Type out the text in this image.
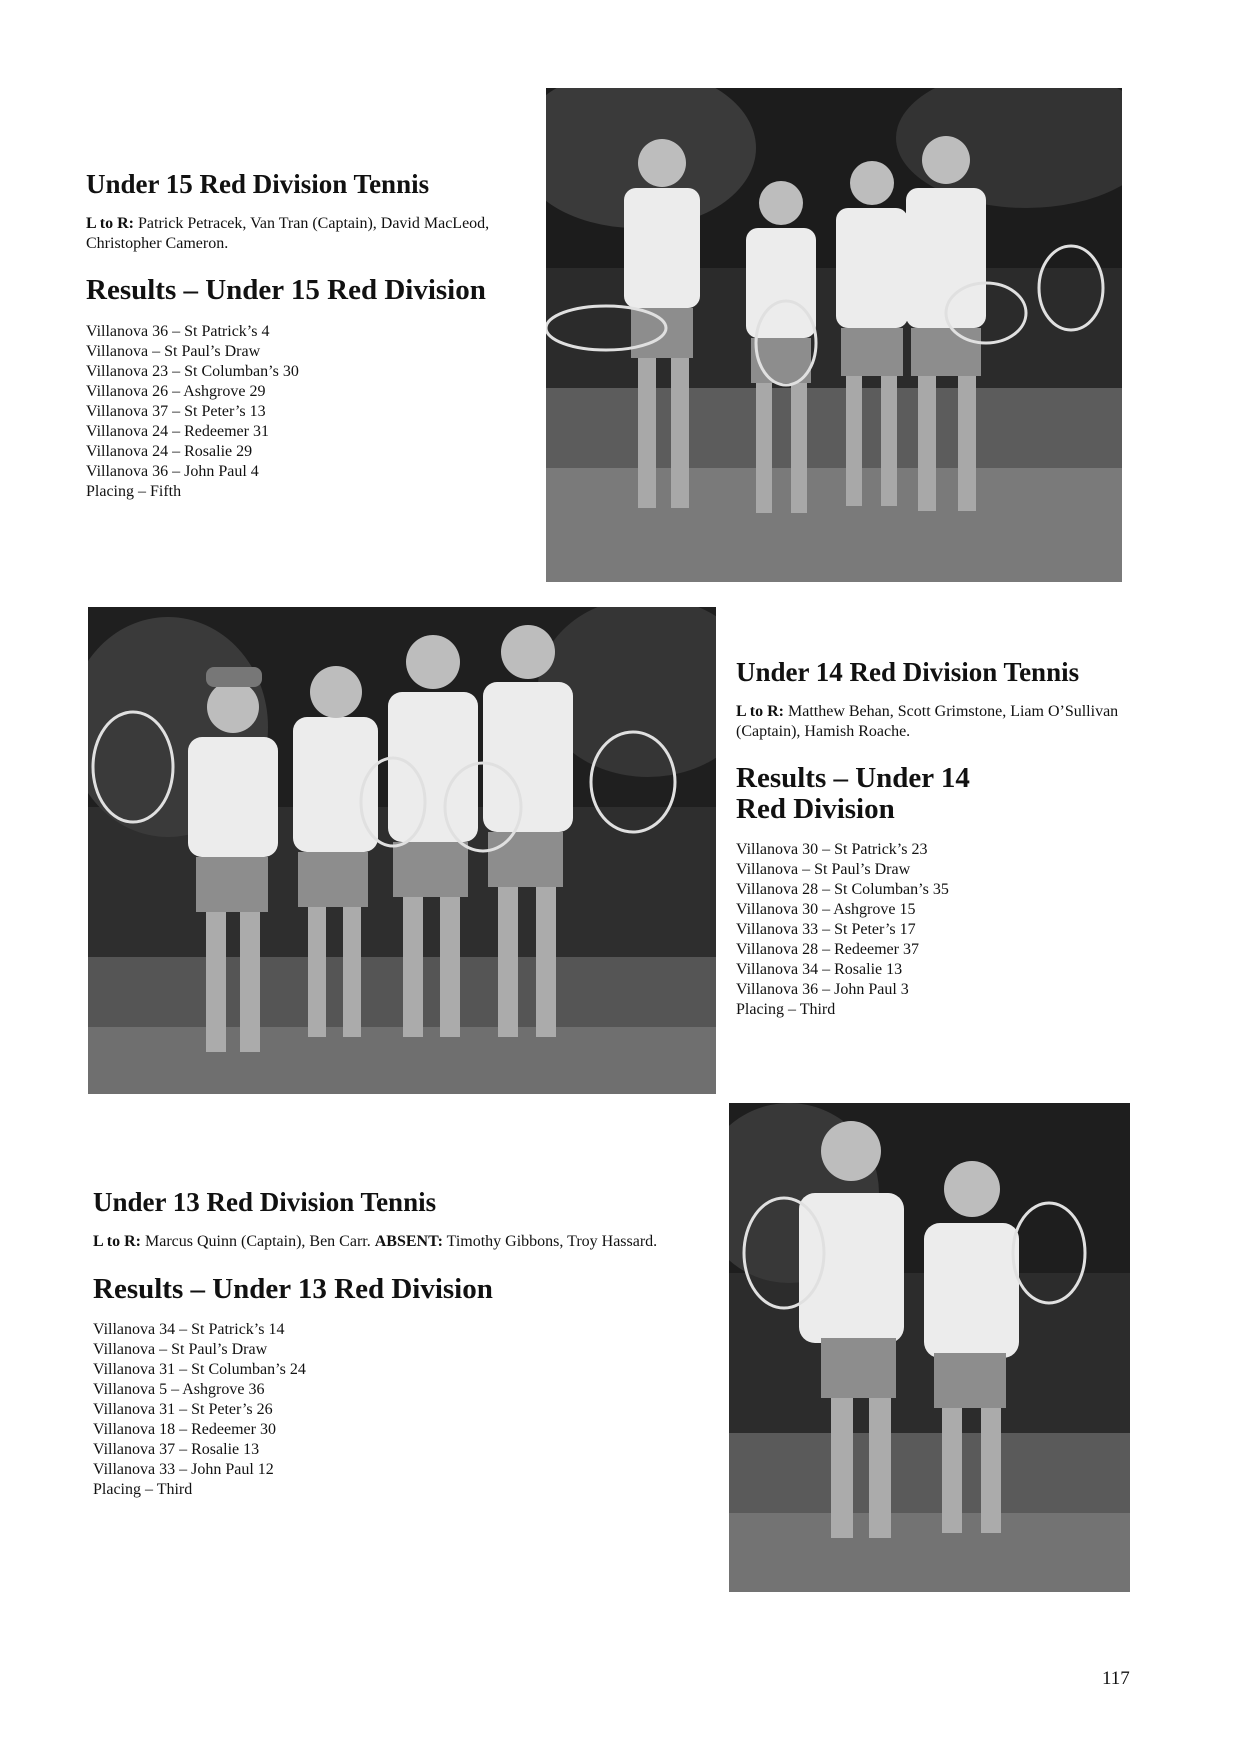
Under 15 Red Division Tennis

L to R: Patrick Petracek, Van Tran (Captain), David MacLeod, Christopher Cameron.

Results – Under 15 Red Division
Villanova 36 – St Patrick’s 4
Villanova – St Paul’s Draw
Villanova 23 – St Columban’s 30
Villanova 26 – Ashgrove 29
Villanova 37 – St Peter’s 13
Villanova 24 – Redeemer 31
Villanova 24 – Rosalie 29
Villanova 36 – John Paul 4
Placing – Fifth
Under 14 Red Division Tennis

L to R: Matthew Behan, Scott Grimstone, Liam O’Sullivan (Captain), Hamish Roache.

Results – Under 14 Red Division
Villanova 30 – St Patrick’s 23
Villanova – St Paul’s Draw
Villanova 28 – St Columban’s 35
Villanova 30 – Ashgrove 15
Villanova 33 – St Peter’s 17
Villanova 28 – Redeemer 37
Villanova 34 – Rosalie 13
Villanova 36 – John Paul 3
Placing – Third
Under 13 Red Division Tennis

L to R: Marcus Quinn (Captain), Ben Carr. ABSENT: Timothy Gibbons, Troy Hassard.

Results – Under 13 Red Division
Villanova 34 – St Patrick’s 14
Villanova – St Paul’s Draw
Villanova 31 – St Columban’s 24
Villanova 5 – Ashgrove 36
Villanova 31 – St Peter’s 26
Villanova 18 – Redeemer 30
Villanova 37 – Rosalie 13
Villanova 33 – John Paul 12
Placing – Third
117
